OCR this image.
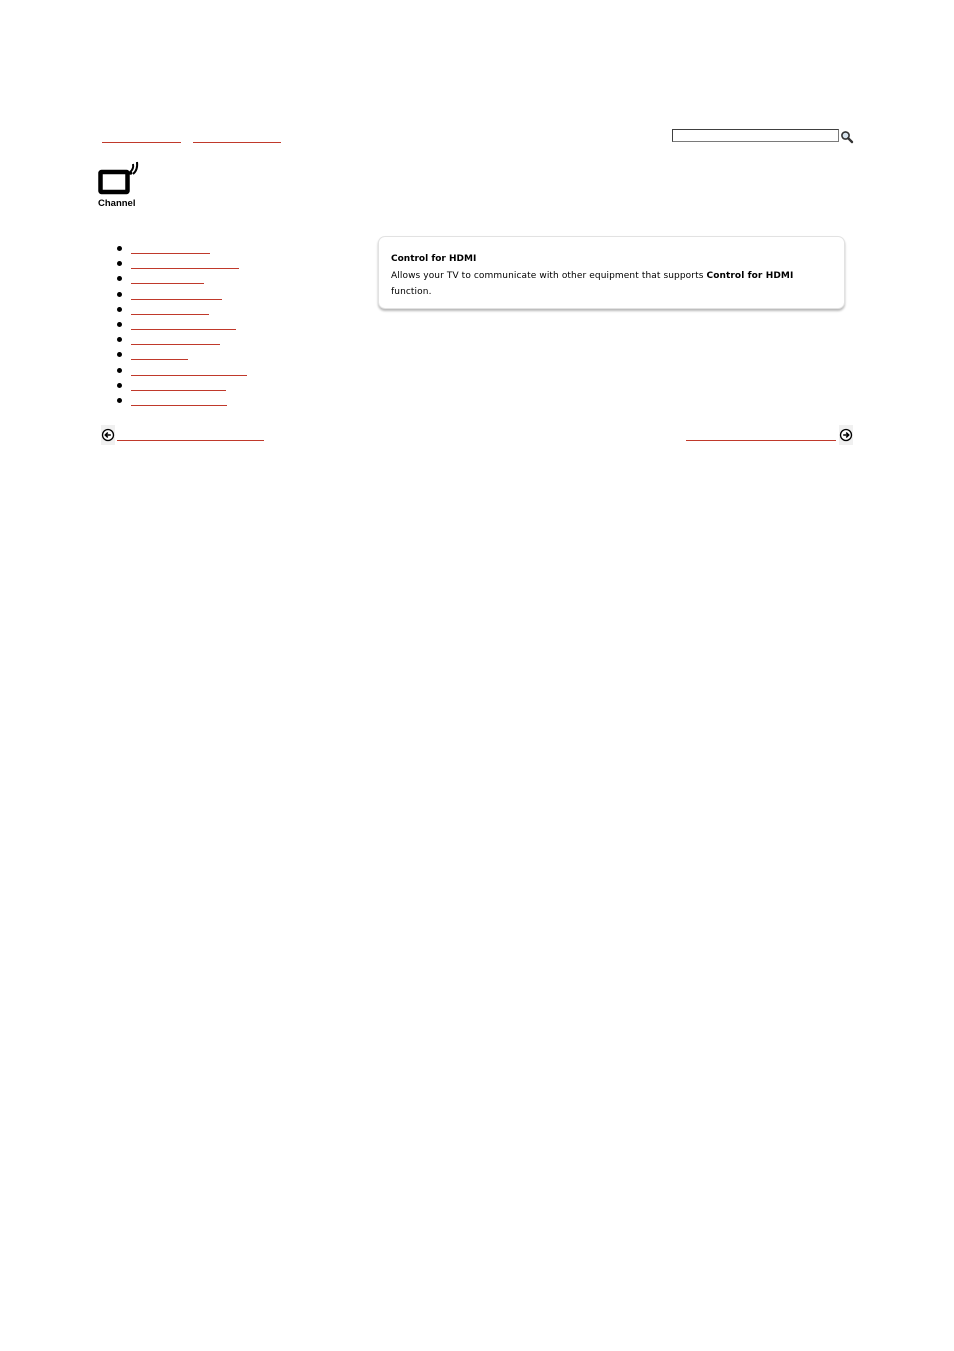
Channel
Control for HDMI
Allows your TV to communicate with other equipment that supports Control for HDMI function.
